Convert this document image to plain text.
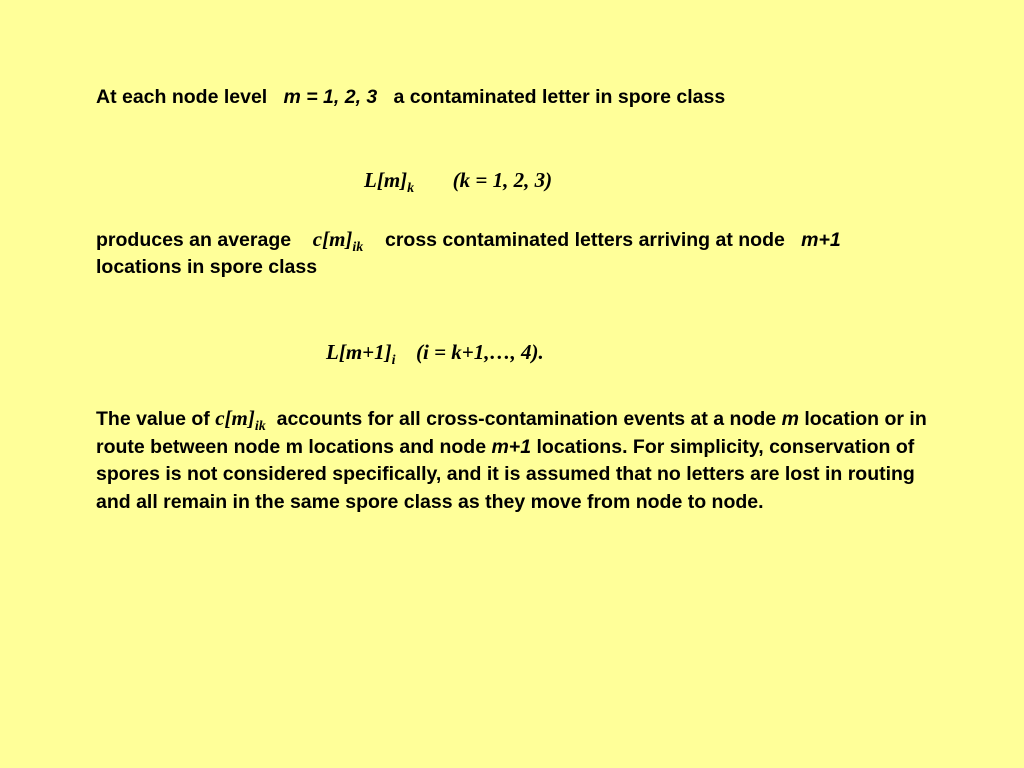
At each node level m = 1, 2, 3 a contaminated letter in spore class
$L[m]_k$ (k = 1, 2, 3)
produces an average $c[m]_{ik}$ cross contaminated letters arriving at node m+1
locations in spore class
$L[m+1]_i$ (i = k+1,…, 4).
The value of $c[m]_{ik}$ accounts for all cross-contamination events at a node m location or in route between node m locations and node m+1 locations. For simplicity, conservation of spores is not considered specifically, and it is assumed that no letters are lost in routing and all remain in the same spore class as they move from node to node.
